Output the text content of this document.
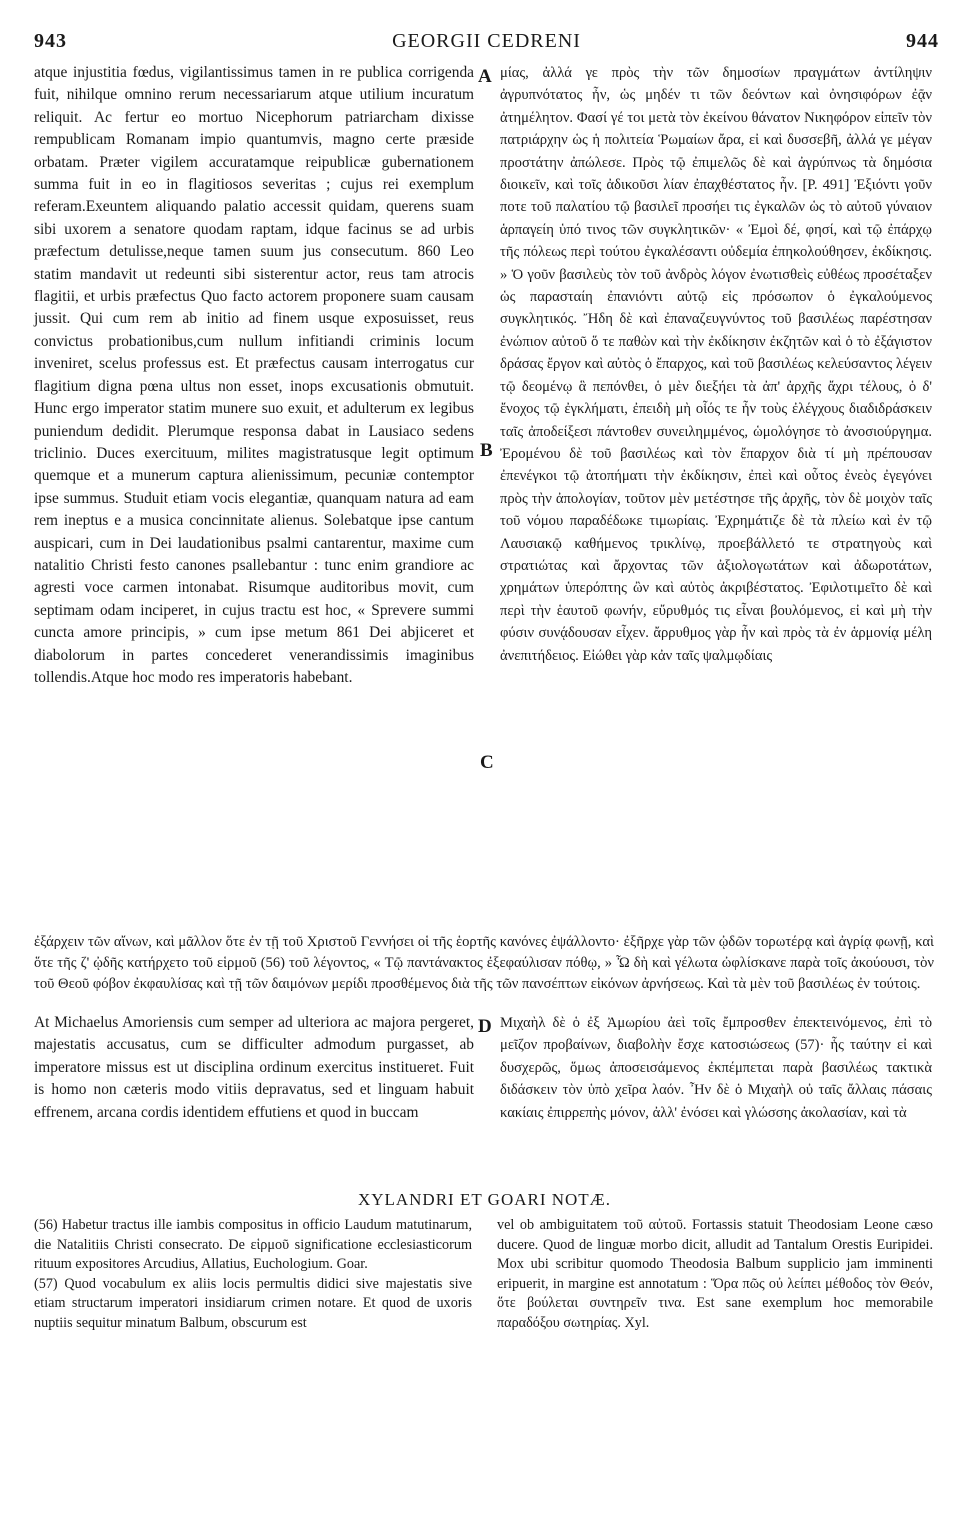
943	GEORGII CEDRENI	944

atque injustitia fœdus, vigilantissimus tamen in re publica corrigenda fuit, nihilque omnino rerum necessariarum atque utilium incuratum reliquit. Ac fertur eo mortuo Nicephorum patriarcham dixisse rempublicam Romanam impio quantumvis, magno certe præside orbatam. Præter vigilem accuratamque reipublicæ gubernationem summa fuit in eo in flagitiosos severitas ; cujus rei exemplum referam.Exeuntem aliquando palatio accessit quidam, querens suam sibi uxorem a senatore quodam raptam, idque facinus se ad urbis præfectum detulisse,neque tamen suum jus consecutum. 860 Leo statim mandavit ut redeunti sibi sisterentur actor, reus tam atrocis flagitii, et urbis præfectus Quo facto actorem proponere suam causam jussit. Qui cum rem ab initio ad finem usque exposuisset, reus convictus probationibus,cum nullum infitiandi criminis locum inveniret, scelus professus est. Et præfectus causam interrogatus cur flagitium digna pœna ultus non esset, inops excusationis obmutuit. Hunc ergo imperator statim munere suo exuit, et adulterum ex legibus puniendum dedidit. Plerumque responsa dabat in Lausiaco sedens triclinio. Duces exercituum, milites magistratusque legit optimum quemque et a munerum captura alienissimum, pecuniæ contemptor ipse summus. Studuit etiam vocis elegantiæ, quanquam natura ad eam rem ineptus e a musica concinnitate alienus. Solebatque ipse cantum auspicari, cum in Dei laudationibus psalmi cantarentur, maxime cum natalitio Christi festo canones psallebantur : tunc enim grandiore ac agresti voce carmen intonabat. Risumque auditoribus movit, cum septimam odam inciperet, in cujus tractu est hoc, « Sprevere summi cuncta amore principis, » cum ipse metum 861 Dei abjiceret et diabolorum in partes concederet venerandissimis imaginibus tollendis.Atque hoc modo res imperatoris habebant.

A
B
C
D

μίας, ἀλλά γε πρὸς τὴν τῶν δημοσίων πραγμάτων ἀντίληψιν ἀγρυπνότατος ἦν, ὡς μηδέν τι τῶν δεόντων καὶ ὀνησιφόρων ἐᾷν ἀτημέλητον. Φασί γέ τοι μετὰ τὸν ἐκείνου θάνατον Νικηφόρον εἰπεῖν τὸν πατριάρχην ὡς ἡ πολιτεία Ῥωμαίων ἄρα, εἰ καὶ δυσσεβῆ, ἀλλά γε μέγαν προστάτην ἀπώλεσε. Πρὸς τῷ ἐπιμελῶς δὲ καὶ ἀγρύπνως τὰ δημόσια διοικεῖν, καὶ τοῖς ἀδικοῦσι λίαν ἐπαχθέστατος ἦν. [P. 491] Ἐξιόντι γοῦν ποτε τοῦ παλατίου τῷ βασιλεῖ προσήει τις ἐγκαλῶν ὡς τὸ αὐτοῦ γύναιον ἁρπαγείη ὑπό τινος τῶν συγκλητικῶν· « Ἐμοὶ δέ, φησί, καὶ τῷ ἐπάρχῳ τῆς πόλεως περὶ τούτου ἐγκαλέσαντι οὐδεμία ἐπηκολούθησεν, ἐκδίκησις. » Ὁ γοῦν βασιλεὺς τὸν τοῦ ἀνδρὸς λόγον ἐνωτισθεὶς εὐθέως προσέταξεν ὡς παρασταίη ἐπανιόντι αὐτῷ εἰς πρόσωπον ὁ ἐγκαλούμενος συγκλητικός. Ἤδη δὲ καὶ ἐπαναζευγνύντος τοῦ βασιλέως παρέστησαν ἐνώπιον αὐτοῦ ὅ τε παθὼν καὶ τὴν ἐκδίκησιν ἐκζητῶν καὶ ὁ τὸ ἐξάγιστον δράσας ἔργον καὶ αὐτὸς ὁ ἔπαρχος, καὶ τοῦ βασιλέως κελεύσαντος λέγειν τῷ δεομένῳ ἃ πεπόνθει, ὁ μὲν διεξήει τὰ ἀπ' ἀρχῆς ἄχρι τέλους, ὁ δ' ἔνοχος τῷ ἐγκλήματι, ἐπειδὴ μὴ οἷός τε ἦν τοὺς ἐλέγχους διαδιδράσκειν ταῖς ἀποδείξεσι πάντοθεν συνειλημμένος, ὡμολόγησε τὸ ἀνοσιούργημα. Ἐρομένου δὲ τοῦ βασιλέως καὶ τὸν ἔπαρχον διὰ τί μὴ πρέπουσαν ἐπενέγκοι τῷ ἀτοπήματι τὴν ἐκδίκησιν, ἐπεὶ καὶ οὗτος ἐνεὸς ἐγεγόνει πρὸς τὴν ἀπολογίαν, τοῦτον μὲν μετέστησε τῆς ἀρχῆς, τὸν δὲ μοιχὸν ταῖς τοῦ νόμου παραδέδωκε τιμωρίαις. Ἐχρημάτιζε δὲ τὰ πλείω καὶ ἐν τῷ Λαυσιακῷ καθήμενος τρικλίνῳ, προεβάλλετό τε στρατηγοὺς καὶ στρατιώτας καὶ ἄρχοντας τῶν ἀξιολογωτάτων καὶ ἀδωροτάτων, χρημάτων ὑπερόπτης ὢν καὶ αὐτὸς ἀκριβέστατος. Ἐφιλοτιμεῖτο δὲ καὶ περὶ τὴν ἑαυτοῦ φωνήν, εὔρυθμός τις εἶναι βουλόμενος, εἰ καὶ μὴ τὴν φύσιν συνᾴδουσαν εἶχεν. ἄρρυθμος γὰρ ἦν καὶ πρὸς τὰ ἐν ἁρμονίᾳ μέλη ἀνεπιτήδειος. Εἰώθει γὰρ κἀν ταῖς ψαλμῳδίαις

ἐξάρχειν τῶν αἴνων, καὶ μᾶλλον ὅτε ἐν τῇ τοῦ Χριστοῦ Γεννήσει οἱ τῆς ἑορτῆς κανόνες ἐψάλλοντο· ἐξῆρχε γὰρ τῶν ᾠδῶν τορωτέρᾳ καὶ ἀγρίᾳ φωνῇ, καὶ ὅτε τῆς ζ' ᾠδῆς κατήρχετο τοῦ εἱρμοῦ (56) τοῦ λέγοντος, « Τῷ παντάνακτος ἐξεφαύλισαν πόθῳ, » Ὦ δὴ καὶ γέλωτα ὠφλίσκανε παρὰ τοῖς ἀκούουσι, τὸν τοῦ Θεοῦ φόβον ἐκφαυλίσας καὶ τῇ τῶν δαιμόνων μερίδι προσθέμενος διὰ τῆς τῶν πανσέπτων εἰκόνων ἀρνήσεως. Καὶ τὰ μὲν τοῦ βασιλέως ἐν τούτοις.

At Michaelus Amoriensis cum semper ad ulteriora ac majora pergeret, majestatis accusatus, cum se difficulter admodum purgasset, ab imperatore missus est ut disciplina ordinum exercitus institueret. Fuit is homo non cæteris modo vitiis depravatus, sed et linguam habuit effrenem, arcana cordis identidem effutiens et quod in buccam

Μιχαὴλ δὲ ὁ ἐξ Ἀμωρίου ἀεὶ τοῖς ἔμπροσθεν ἐπεκτεινόμενος, ἐπὶ τὸ μεῖζον προβαίνων, διαβολὴν ἔσχε κατοσιώσεως (57)· ἧς ταύτην εἰ καὶ δυσχερῶς, ὅμως ἀποσεισάμενος ἐκπέμπεται παρὰ βασιλέως τακτικὰ διδάσκειν τὸν ὑπὸ χεῖρα λαόν. Ἦν δὲ ὁ Μιχαὴλ οὐ ταῖς ἄλλαις πάσαις κακίαις ἐπιρρεπὴς μόνον, ἀλλ' ἐνόσει καὶ γλώσσης ἀκολασίαν, καὶ τὰ

XYLANDRI ET GOARI NOTÆ.

(56) Habetur tractus ille iambis compositus in officio Laudum matutinarum, die Natalitiis Christi consecrato. De εἱρμοῦ significatione ecclesiasticorum rituum expositores Arcudius, Allatius, Euchologium. Goar.

(57) Quod vocabulum ex aliis locis permultis didici sive majestatis sive etiam structarum imperatori insidiarum crimen notare. Et quod de uxoris nuptiis sequitur minatum Balbum, obscurum est

vel ob ambiguitatem τοῦ αὐτοῦ. Fortassis statuit Theodosiam Leone cæso ducere. Quod de linguæ morbo dicit, alludit ad Tantalum Orestis Euripidei. Mox ubi scribitur quomodo Theodosia Balbum supplicio jam imminenti eripuerit, in margine est annotatum : Ὅρα πῶς οὐ λείπει μέθοδος τὸν Θεόν, ὅτε βούλεται συντηρεῖν τινα. Est sane exemplum hoc memorabile παραδόξου σωτηρίας. Xyl.
